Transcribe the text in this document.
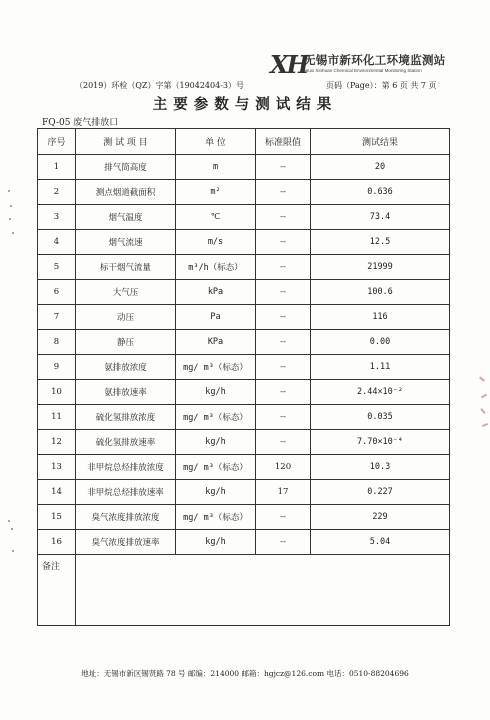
XH
无锡市新环化工环境监测站
Wuxi Xinhuan Chemical Environmental Monitoring Station
（2019）环检（QZ）字第（19042404-3）号	页码（Page）：第 6 页 共 7 页
主要参数与测试结果
FQ-05 废气排放口
序号	测 试 项 目	单 位	标准限值	测试结果
1	排气筒高度	m	--	20
2	测点烟道截面积	m²	--	0.636
3	烟气温度	℃	--	73.4
4	烟气流速	m/s	--	12.5
5	标干烟气流量	m³/h（标态）	--	21999
6	大气压	kPa	--	100.6
7	动压	Pa	--	116
8	静压	KPa	--	0.00
9	氨排放浓度	mg/ m³（标态）	--	1.11
10	氨排放速率	kg/h	--	2.44×10⁻²
11	硫化氢排放浓度	mg/ m³（标态）	--	0.035
12	硫化氢排放速率	kg/h	--	7.70×10⁻⁴
13	非甲烷总烃排放浓度	mg/ m³（标态）	120	10.3
14	非甲烷总烃排放速率	kg/h	17	0.227
15	臭气浓度排放浓度	mg/ m³（标态）	--	229
16	臭气浓度排放速率	kg/h	--	5.04
备注				
地址：无锡市新区锡贤路 78 号 邮编：214000 邮箱：hgjcz@126.com 电话：0510-88204696
